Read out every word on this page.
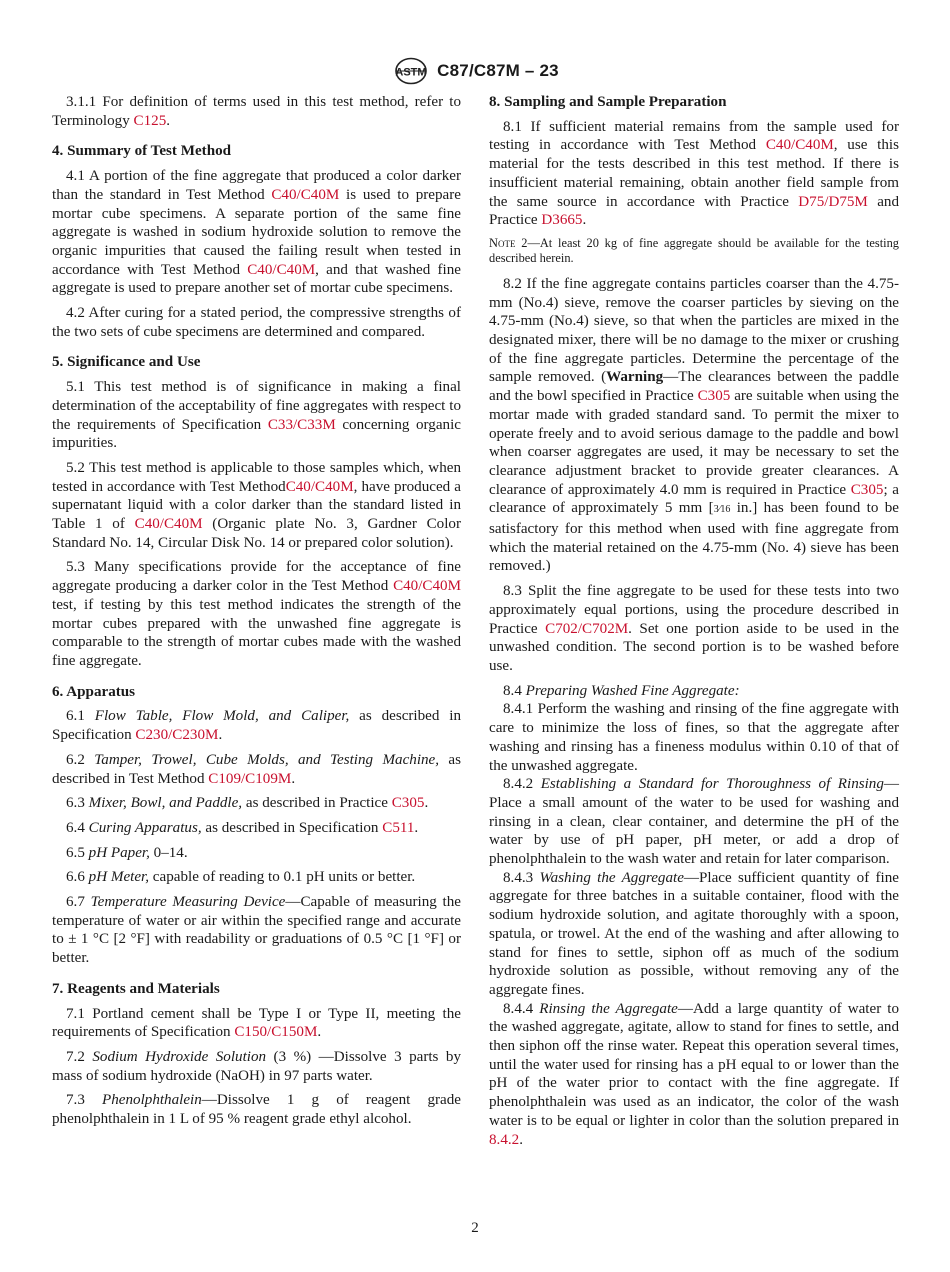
ASTM C87/C87M – 23

3.1.1 For definition of terms used in this test method, refer to Terminology C125.

4. Summary of Test Method

4.1 A portion of the fine aggregate that produced a color darker than the standard in Test Method C40/C40M is used to prepare mortar cube specimens. A separate portion of the same fine aggregate is washed in sodium hydroxide solution to remove the organic impurities that caused the failing result when tested in accordance with Test Method C40/C40M, and that washed fine aggregate is used to prepare another set of mortar cube specimens.

4.2 After curing for a stated period, the compressive strengths of the two sets of cube specimens are determined and compared.

5. Significance and Use

5.1 This test method is of significance in making a final determination of the acceptability of fine aggregates with respect to the requirements of Specification C33/C33M concerning organic impurities.

5.2 This test method is applicable to those samples which, when tested in accordance with Test MethodC40/C40M, have produced a supernatant liquid with a color darker than the standard listed in Table 1 of C40/C40M (Organic plate No. 3, Gardner Color Standard No. 14, Circular Disk No. 14 or prepared color solution).

5.3 Many specifications provide for the acceptance of fine aggregate producing a darker color in the Test Method C40/C40M test, if testing by this test method indicates the strength of the mortar cubes prepared with the unwashed fine aggregate is comparable to the strength of mortar cubes made with the washed fine aggregate.

6. Apparatus

6.1 Flow Table, Flow Mold, and Caliper, as described in Specification C230/C230M.

6.2 Tamper, Trowel, Cube Molds, and Testing Machine, as described in Test Method C109/C109M.

6.3 Mixer, Bowl, and Paddle, as described in Practice C305.

6.4 Curing Apparatus, as described in Specification C511.

6.5 pH Paper, 0–14.

6.6 pH Meter, capable of reading to 0.1 pH units or better.

6.7 Temperature Measuring Device—Capable of measuring the temperature of water or air within the specified range and accurate to ± 1 °C [2 °F] with readability or graduations of 0.5 °C [1 °F] or better.

7. Reagents and Materials

7.1 Portland cement shall be Type I or Type II, meeting the requirements of Specification C150/C150M.

7.2 Sodium Hydroxide Solution (3 %) —Dissolve 3 parts by mass of sodium hydroxide (NaOH) in 97 parts water.

7.3 Phenolphthalein—Dissolve 1 g of reagent grade phenolphthalein in 1 L of 95 % reagent grade ethyl alcohol.

8. Sampling and Sample Preparation

8.1 If sufficient material remains from the sample used for testing in accordance with Test Method C40/C40M, use this material for the tests described in this test method. If there is insufficient material remaining, obtain another field sample from the same source in accordance with Practice D75/D75M and Practice D3665.

Note 2—At least 20 kg of fine aggregate should be available for the testing described herein.

8.2 If the fine aggregate contains particles coarser than the 4.75-mm (No.4) sieve, remove the coarser particles by sieving on the 4.75-mm (No.4) sieve, so that when the particles are mixed in the designated mixer, there will be no damage to the mixer or crushing of the fine aggregate particles. Determine the percentage of the sample removed. (Warning—The clearances between the paddle and the bowl specified in Practice C305 are suitable when using the mortar made with graded standard sand. To permit the mixer to operate freely and to avoid serious damage to the paddle and bowl when coarser aggregates are used, it may be necessary to set the clearance adjustment bracket to provide greater clearances. A clearance of approximately 4.0 mm is required in Practice C305; a clearance of approximately 5 mm [3⁄16 in.] has been found to be satisfactory for this method when used with fine aggregate from which the material retained on the 4.75-mm (No. 4) sieve has been removed.)

8.3 Split the fine aggregate to be used for these tests into two approximately equal portions, using the procedure described in Practice C702/C702M. Set one portion aside to be used in the unwashed condition. The second portion is to be washed before use.

8.4 Preparing Washed Fine Aggregate:

8.4.1 Perform the washing and rinsing of the fine aggregate with care to minimize the loss of fines, so that the aggregate after washing and rinsing has a fineness modulus within 0.10 of that of the unwashed aggregate.

8.4.2 Establishing a Standard for Thoroughness of Rinsing—Place a small amount of the water to be used for washing and rinsing in a clean, clear container, and determine the pH of the water by use of pH paper, pH meter, or add a drop of phenolphthalein to the wash water and retain for later comparison.

8.4.3 Washing the Aggregate—Place sufficient quantity of fine aggregate for three batches in a suitable container, flood with the sodium hydroxide solution, and agitate thoroughly with a spoon, spatula, or trowel. At the end of the washing and after allowing to stand for fines to settle, siphon off as much of the sodium hydroxide solution as possible, without removing any of the aggregate fines.

8.4.4 Rinsing the Aggregate—Add a large quantity of water to the washed aggregate, agitate, allow to stand for fines to settle, and then siphon off the rinse water. Repeat this operation several times, until the water used for rinsing has a pH equal to or lower than the pH of the water prior to contact with the fine aggregate. If phenolphthalein was used as an indicator, the color of the wash water is to be equal or lighter in color than the solution prepared in 8.4.2.

2
